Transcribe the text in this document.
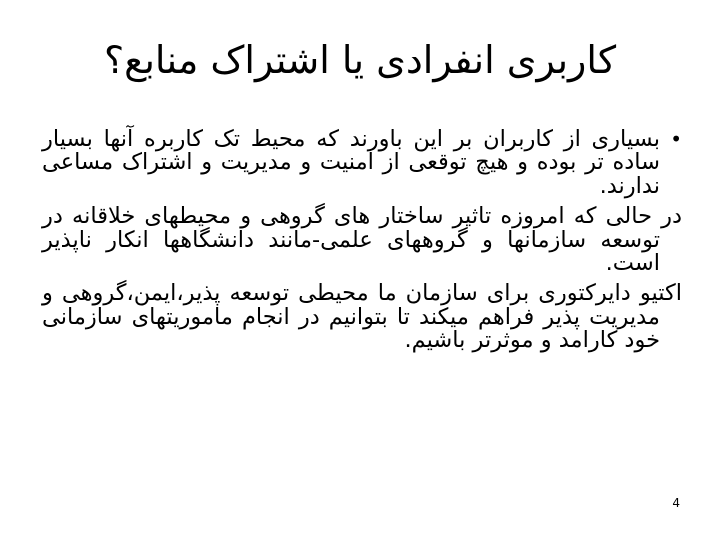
کاربری انفرادی یا اشتراک منابع؟

•بسیاری از کاربران بر این باورند که محیط تک کاربره آنها بسیار ساده تر بوده و هیچ توقعی از امنیت و مدیریت و اشتراک مساعی ندارند.

در حالی که امروزه تاثیر ساختار های گروهی و محیطهای خلاقانه در توسعه سازمانها و گروههای علمی-مانند دانشگاهها انکار ناپذیر است.

اکتیو دایرکتوری برای سازمان ما محیطی توسعه پذیر،ایمن،گروهی و مدیریت پذیر فراهم میکند تا بتوانیم در انجام ماموریتهای سازمانی خود کارامد و موثرتر باشیم.

4
